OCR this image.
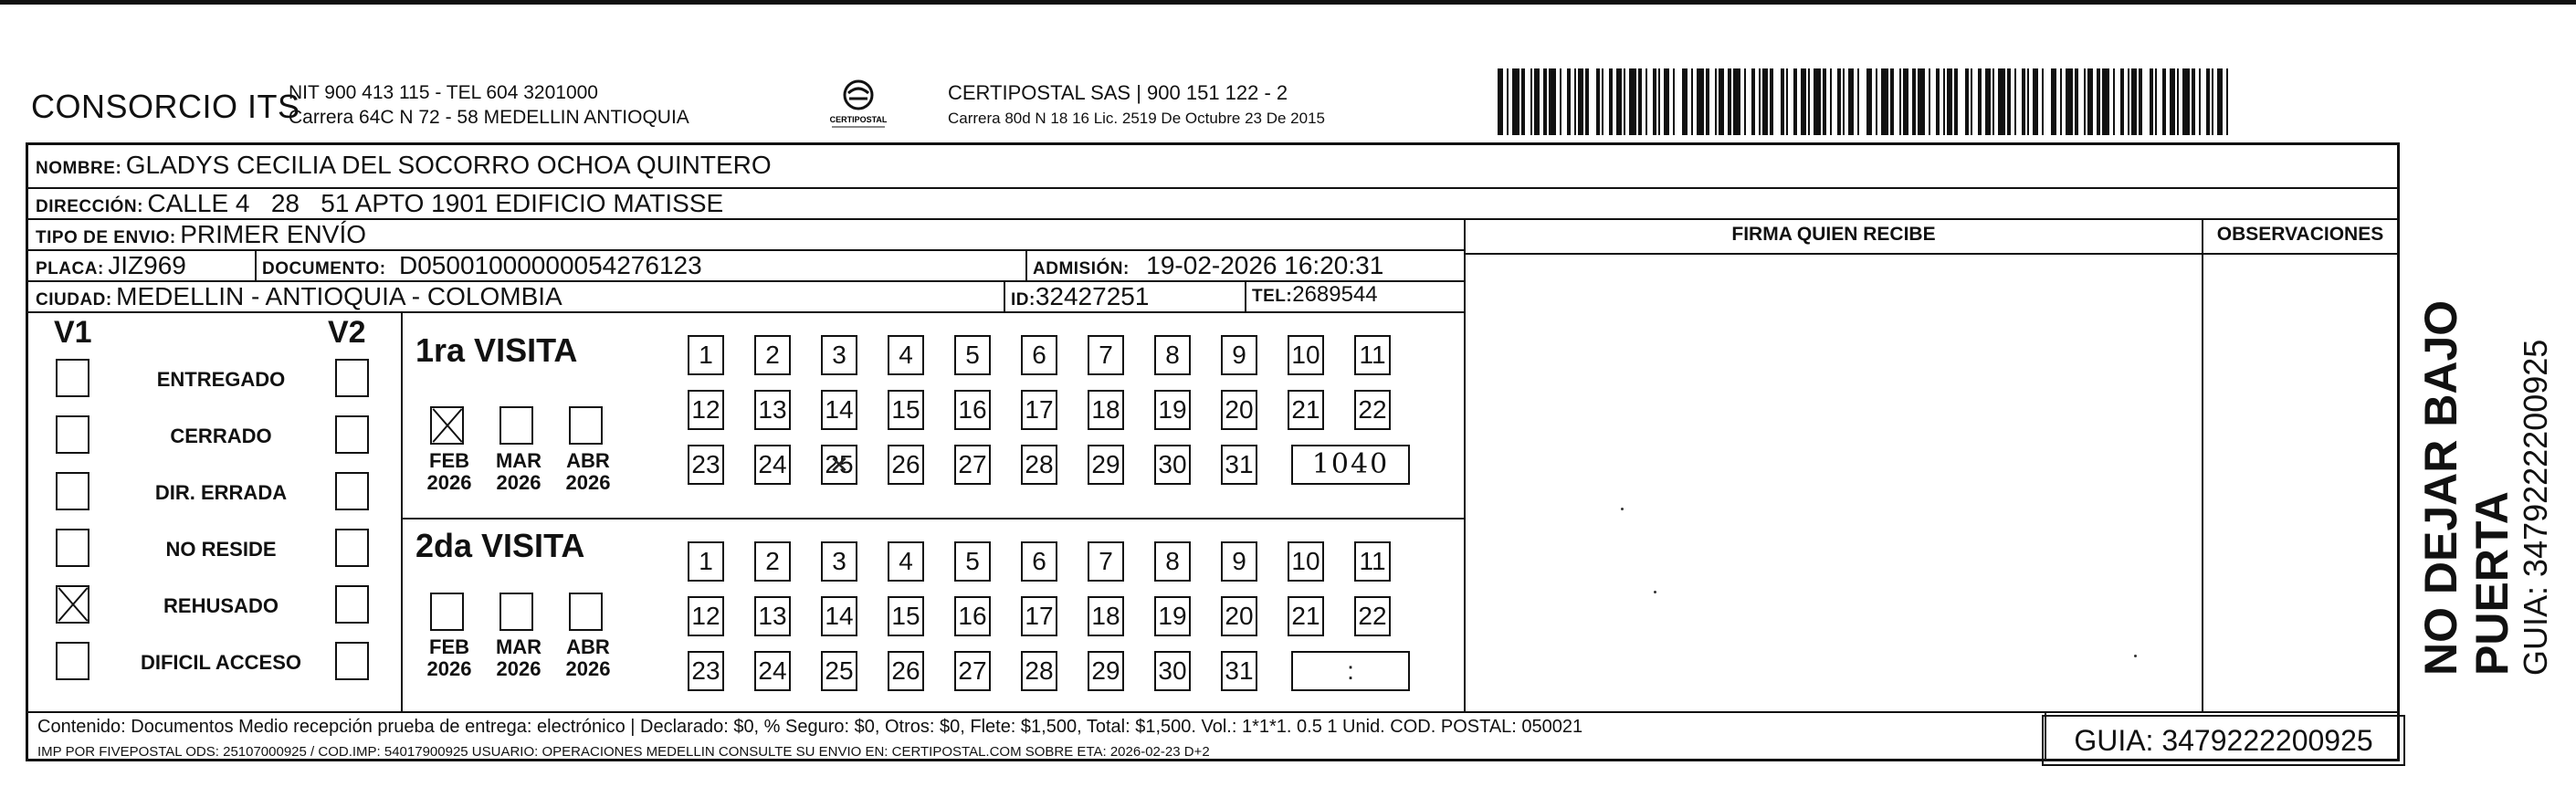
CONSORCIO ITS
NIT 900 413 115 - TEL 604 3201000
Carrera 64C N 72 - 58 MEDELLIN ANTIOQUIA	CERTIPOSTAL
CERTIPOSTAL SAS | 900 151 122 - 2
Carrera 80d N 18 16 Lic. 2519 De Octubre 23 De 2015
NOMBRE: GLADYS CECILIA DEL SOCORRO OCHOA QUINTERO
DIRECCIÓN: CALLE 4   28   51 APTO 1901 EDIFICIO MATISSE
TIPO DE ENVIO: PRIMER ENVÍO
PLACA: JIZ969	DOCUMENTO: D05001000000054276123	ADMISIÓN: 19-02-2026 16:20:31
CIUDAD: MEDELLIN - ANTIOQUIA - COLOMBIA	ID:32427251	TEL:2689544
FIRMA QUIEN RECIBE	OBSERVACIONES
V1	V2
ENTREGADO
CERRADO
DIR. ERRADA
NO RESIDE
REHUSADO
DIFICIL ACCESO
1ra VISITA
FEB
2026
MAR
2026
ABR
2026
1	2	3	4	5	6	7	8	9	10 11
12 13 14 15 16 17 18 19 20 21 22
23 24 25 ✕ 26 27 28 29 30 31	1040
2da VISITA
FEB
2026
MAR
2026
ABR
2026
1	2	3	4	5	6	7	8	9	10 11
12 13 14 15 16 17 18 19 20 21 22
23 24 25 26 27 28 29 30 31	:
Contenido: Documentos Medio recepción prueba de entrega: electrónico | Declarado: $0, % Seguro: $0, Otros: $0, Flete: $1,500, Total: $1,500. Vol.: 1*1*1. 0.5 1 Unid. COD. POSTAL: 050021
IMP POR FIVEPOSTAL ODS: 25107000925 / COD.IMP: 54017900925 USUARIO: OPERACIONES MEDELLIN CONSULTE SU ENVIO EN: CERTIPOSTAL.COM SOBRE ETA: 2026-02-23 D+2	GUIA: 3479222200925
NO DEJAR BAJO PUERTA GUIA: 3479222200925
